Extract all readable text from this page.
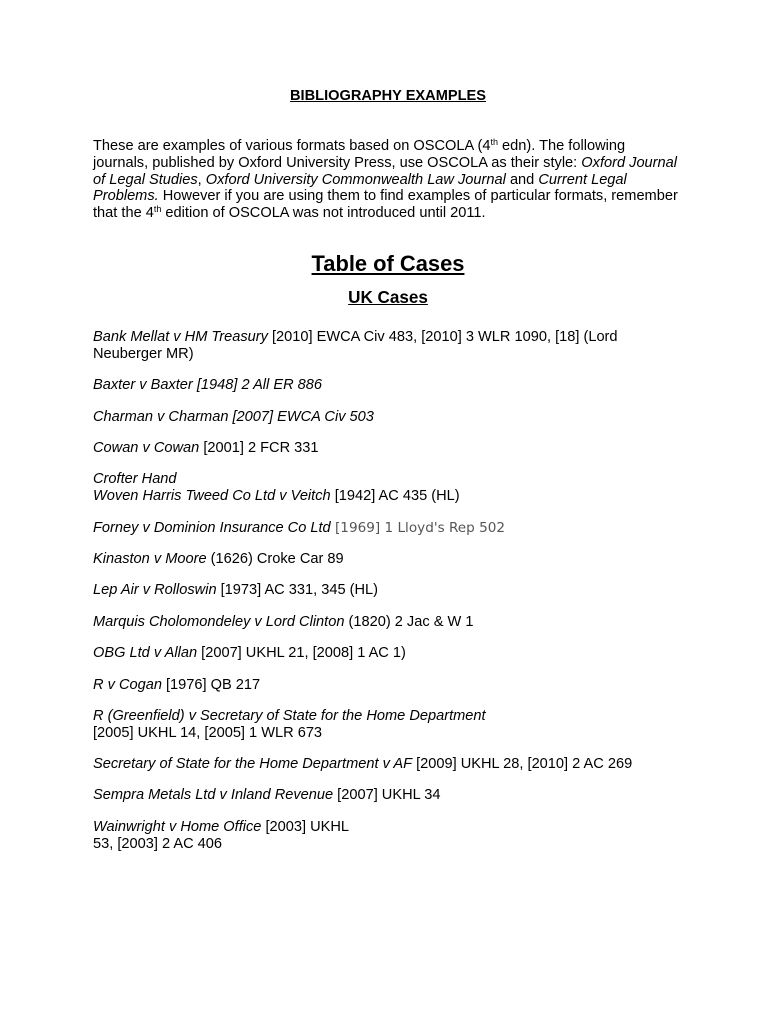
BIBLIOGRAPHY EXAMPLES

These are examples of various formats based on OSCOLA (4th edn). The following journals, published by Oxford University Press, use OSCOLA as their style: Oxford Journal of Legal Studies, Oxford University Commonwealth Law Journal and Current Legal Problems. However if you are using them to find examples of particular formats, remember that the 4th edition of OSCOLA was not introduced until 2011.

Table of Cases
UK Cases
Bank Mellat v HM Treasury [2010] EWCA Civ 483, [2010] 3 WLR 1090, [18] (Lord Neuberger MR)
Baxter v Baxter [1948] 2 All ER 886
Charman v Charman [2007] EWCA Civ 503
Cowan v Cowan [2001] 2 FCR 331
Crofter Hand
Woven Harris Tweed Co Ltd v Veitch [1942] AC 435 (HL)
Forney v Dominion Insurance Co Ltd [1969] 1 Lloyd's Rep 502
Kinaston v Moore (1626) Croke Car 89
Lep Air v Rolloswin [1973] AC 331, 345 (HL)
Marquis Cholomondeley v Lord Clinton (1820) 2 Jac & W 1
OBG Ltd v Allan [2007] UKHL 21, [2008] 1 AC 1)
R v Cogan [1976] QB 217
R (Greenfield) v Secretary of State for the Home Department
[2005] UKHL 14, [2005] 1 WLR 673
Secretary of State for the Home Department v AF [2009] UKHL 28, [2010] 2 AC 269
Sempra Metals Ltd v Inland Revenue [2007] UKHL 34
Wainwright v Home Office [2003] UKHL
53, [2003] 2 AC 406
